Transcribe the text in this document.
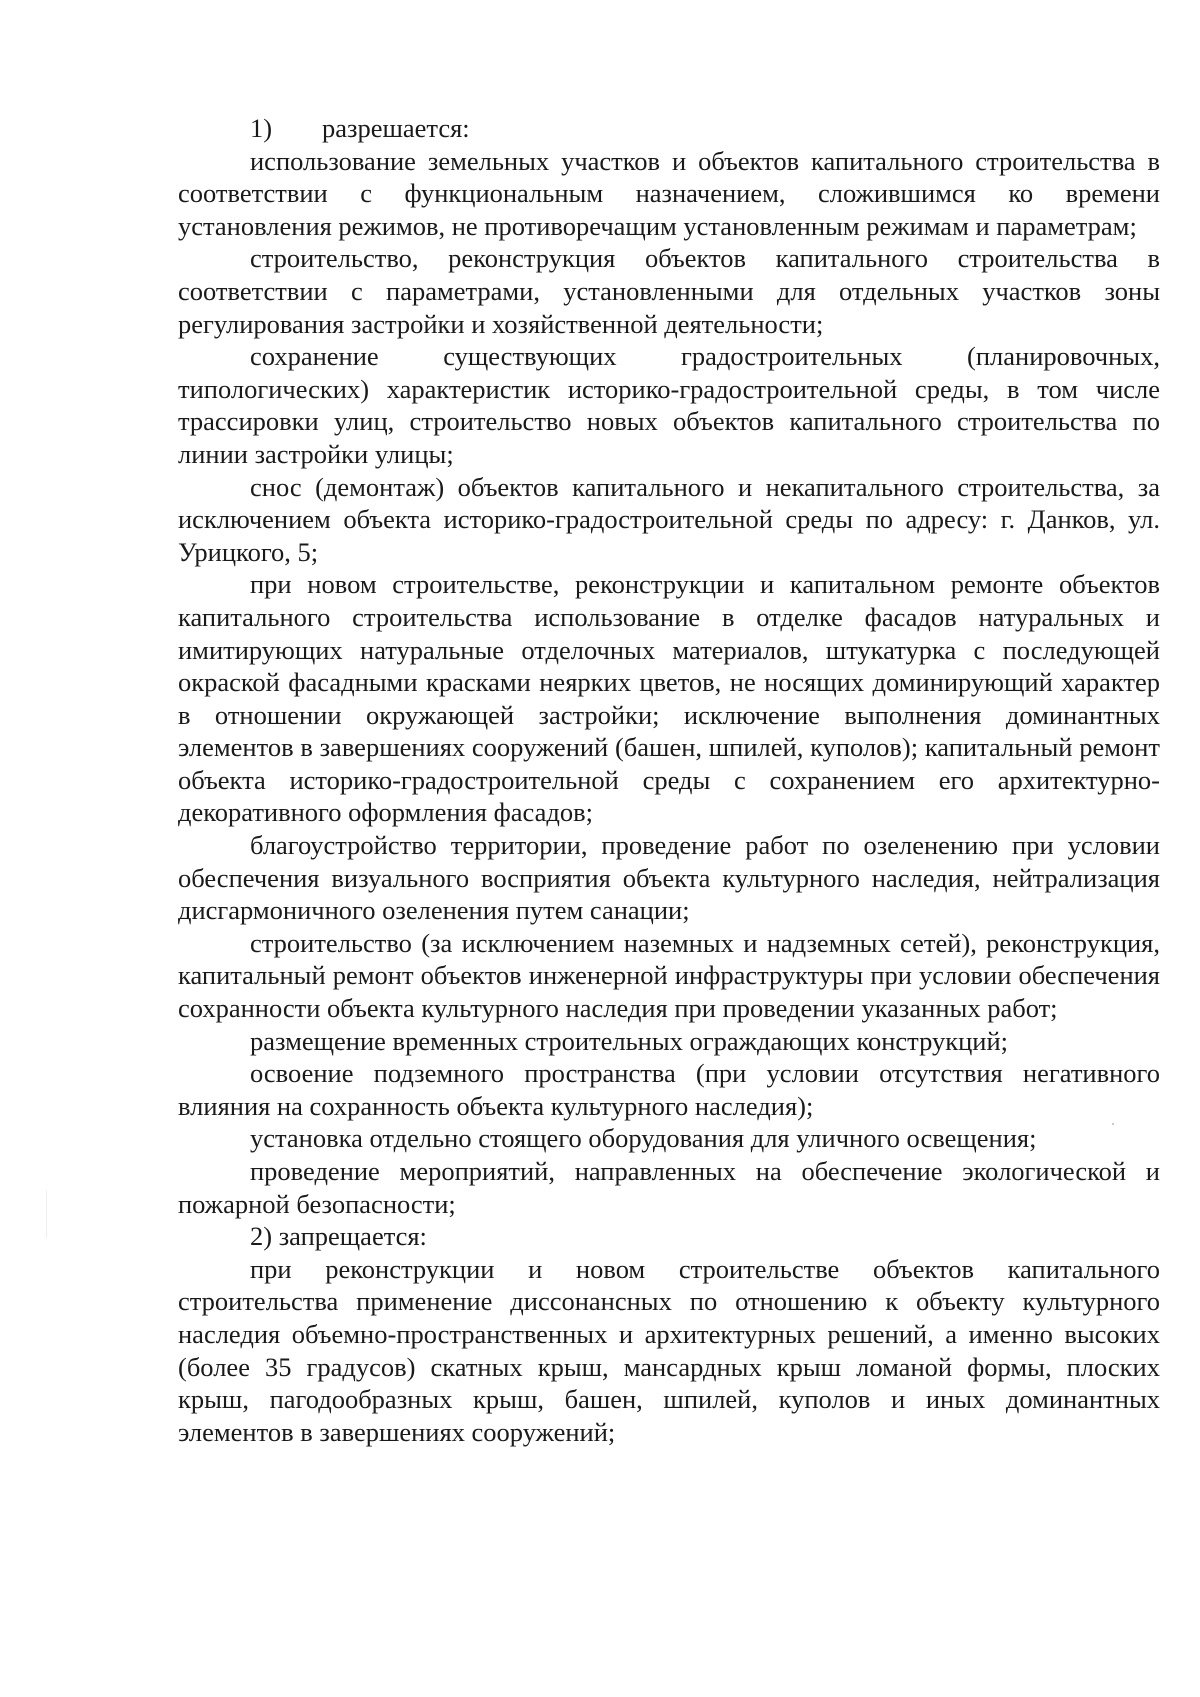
1) разрешается:

использование земельных участков и объектов капитального строительства в соответствии с функциональным назначением, сложившимся ко времени установления режимов, не противоречащим установленным режимам и параметрам;

строительство, реконструкция объектов капитального строительства в соответствии с параметрами, установленными для отдельных участков зоны регулирования застройки и хозяйственной деятельности;

сохранение существующих градостроительных (планировочных, типологических) характеристик историко-градостроительной среды, в том числе трассировки улиц, строительство новых объектов капитального строительства по линии застройки улицы;

снос (демонтаж) объектов капитального и некапитального строительства, за исключением объекта историко-градостроительной среды по адресу: г. Данков, ул. Урицкого, 5;

при новом строительстве, реконструкции и капитальном ремонте объектов капитального строительства использование в отделке фасадов натуральных и имитирующих натуральные отделочных материалов, штукатурка с последующей окраской фасадными красками неярких цветов, не носящих доминирующий характер в отношении окружающей застройки; исключение выполнения доминантных элементов в завершениях сооружений (башен, шпилей, куполов); капитальный ремонт объекта историко-градостроительной среды с сохранением его архитектурно-декоративного оформления фасадов;

благоустройство территории, проведение работ по озеленению при условии обеспечения визуального восприятия объекта культурного наследия, нейтрализация дисгармоничного озеленения путем санации;

строительство (за исключением наземных и надземных сетей), реконструкция, капитальный ремонт объектов инженерной инфраструктуры при условии обеспечения сохранности объекта культурного наследия при проведении указанных работ;

размещение временных строительных ограждающих конструкций;

освоение подземного пространства (при условии отсутствия негативного влияния на сохранность объекта культурного наследия);

установка отдельно стоящего оборудования для уличного освещения;

проведение мероприятий, направленных на обеспечение экологической и пожарной безопасности;

2) запрещается:

при реконструкции и новом строительстве объектов капитального строительства применение диссонансных по отношению к объекту культурного наследия объемно-пространственных и архитектурных решений, а именно высоких (более 35 градусов) скатных крыш, мансардных крыш ломаной формы, плоских крыш, пагодообразных крыш, башен, шпилей, куполов и иных доминантных элементов в завершениях сооружений;
